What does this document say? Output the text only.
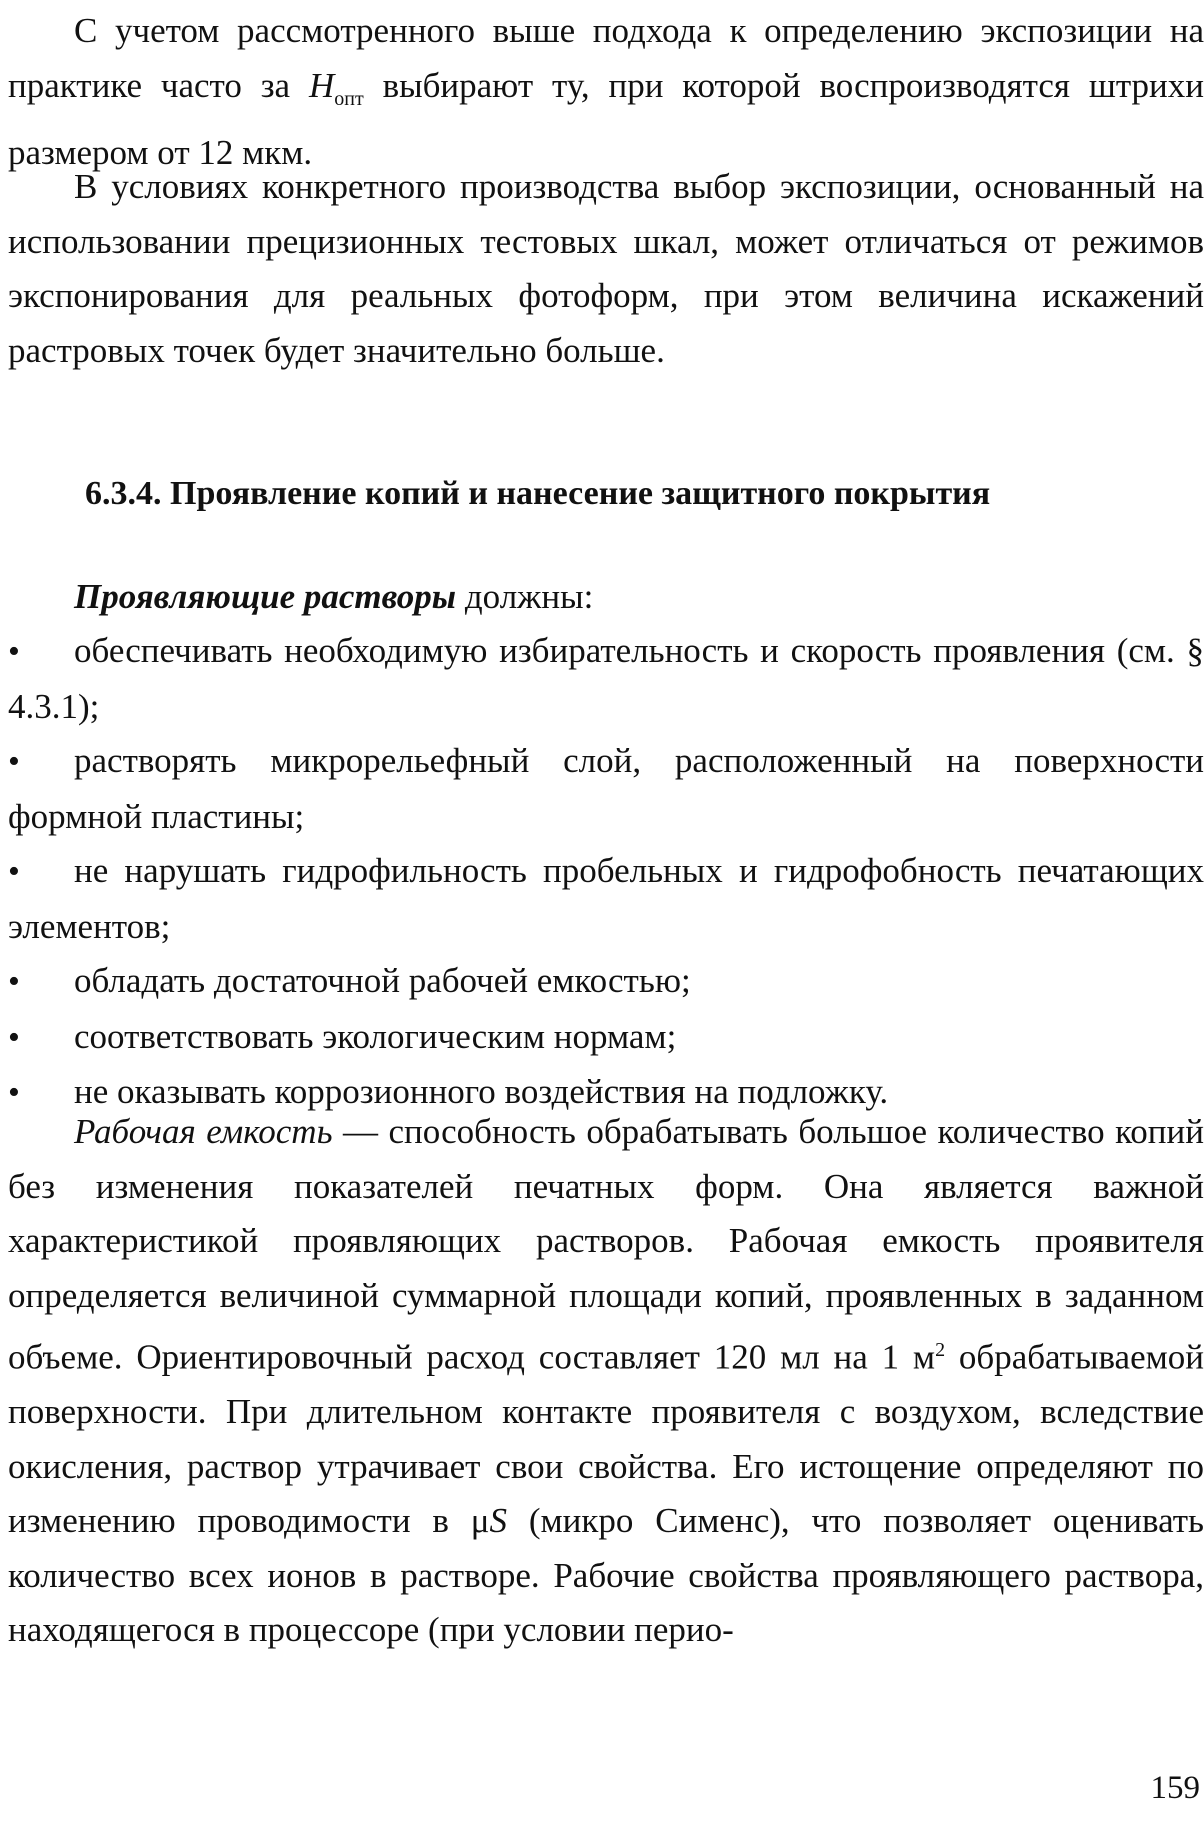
С учетом рассмотренного выше подхода к определению экспозиции на практике часто за $H_{опт}$ выбирают ту, при которой воспроизводятся штрихи размером от 12 мкм.

В условиях конкретного производства выбор экспозиции, основанный на использовании прецизионных тестовых шкал, может отличаться от режимов экспонирования для реальных фотоформ, при этом величина искажений растровых точек будет значительно больше.

6.3.4. Проявление копий и нанесение защитного покрытия

Проявляющие растворы должны:

• обеспечивать необходимую избирательность и скорость проявления (см. § 4.3.1);
• растворять микрорельефный слой, расположенный на поверхности формной пластины;
• не нарушать гидрофильность пробельных и гидрофобность печатающих элементов;
• обладать достаточной рабочей емкостью;
• соответствовать экологическим нормам;
• не оказывать коррозионного воздействия на подложку.

Рабочая емкость — способность обрабатывать большое количество копий без изменения показателей печатных форм. Она является важной характеристикой проявляющих растворов. Рабочая емкость проявителя определяется величиной суммарной площади копий, проявленных в заданном объеме. Ориентировочный расход составляет 120 мл на 1 $м^2$ обрабатываемой поверхности. При длительном контакте проявителя с воздухом, вследствие окисления, раствор утрачивает свои свойства. Его истощение определяют по изменению проводимости в μS (микро Сименс), что позволяет оценивать количество всех ионов в растворе. Рабочие свойства проявляющего раствора, находящегося в процессоре (при условии перио-

159
